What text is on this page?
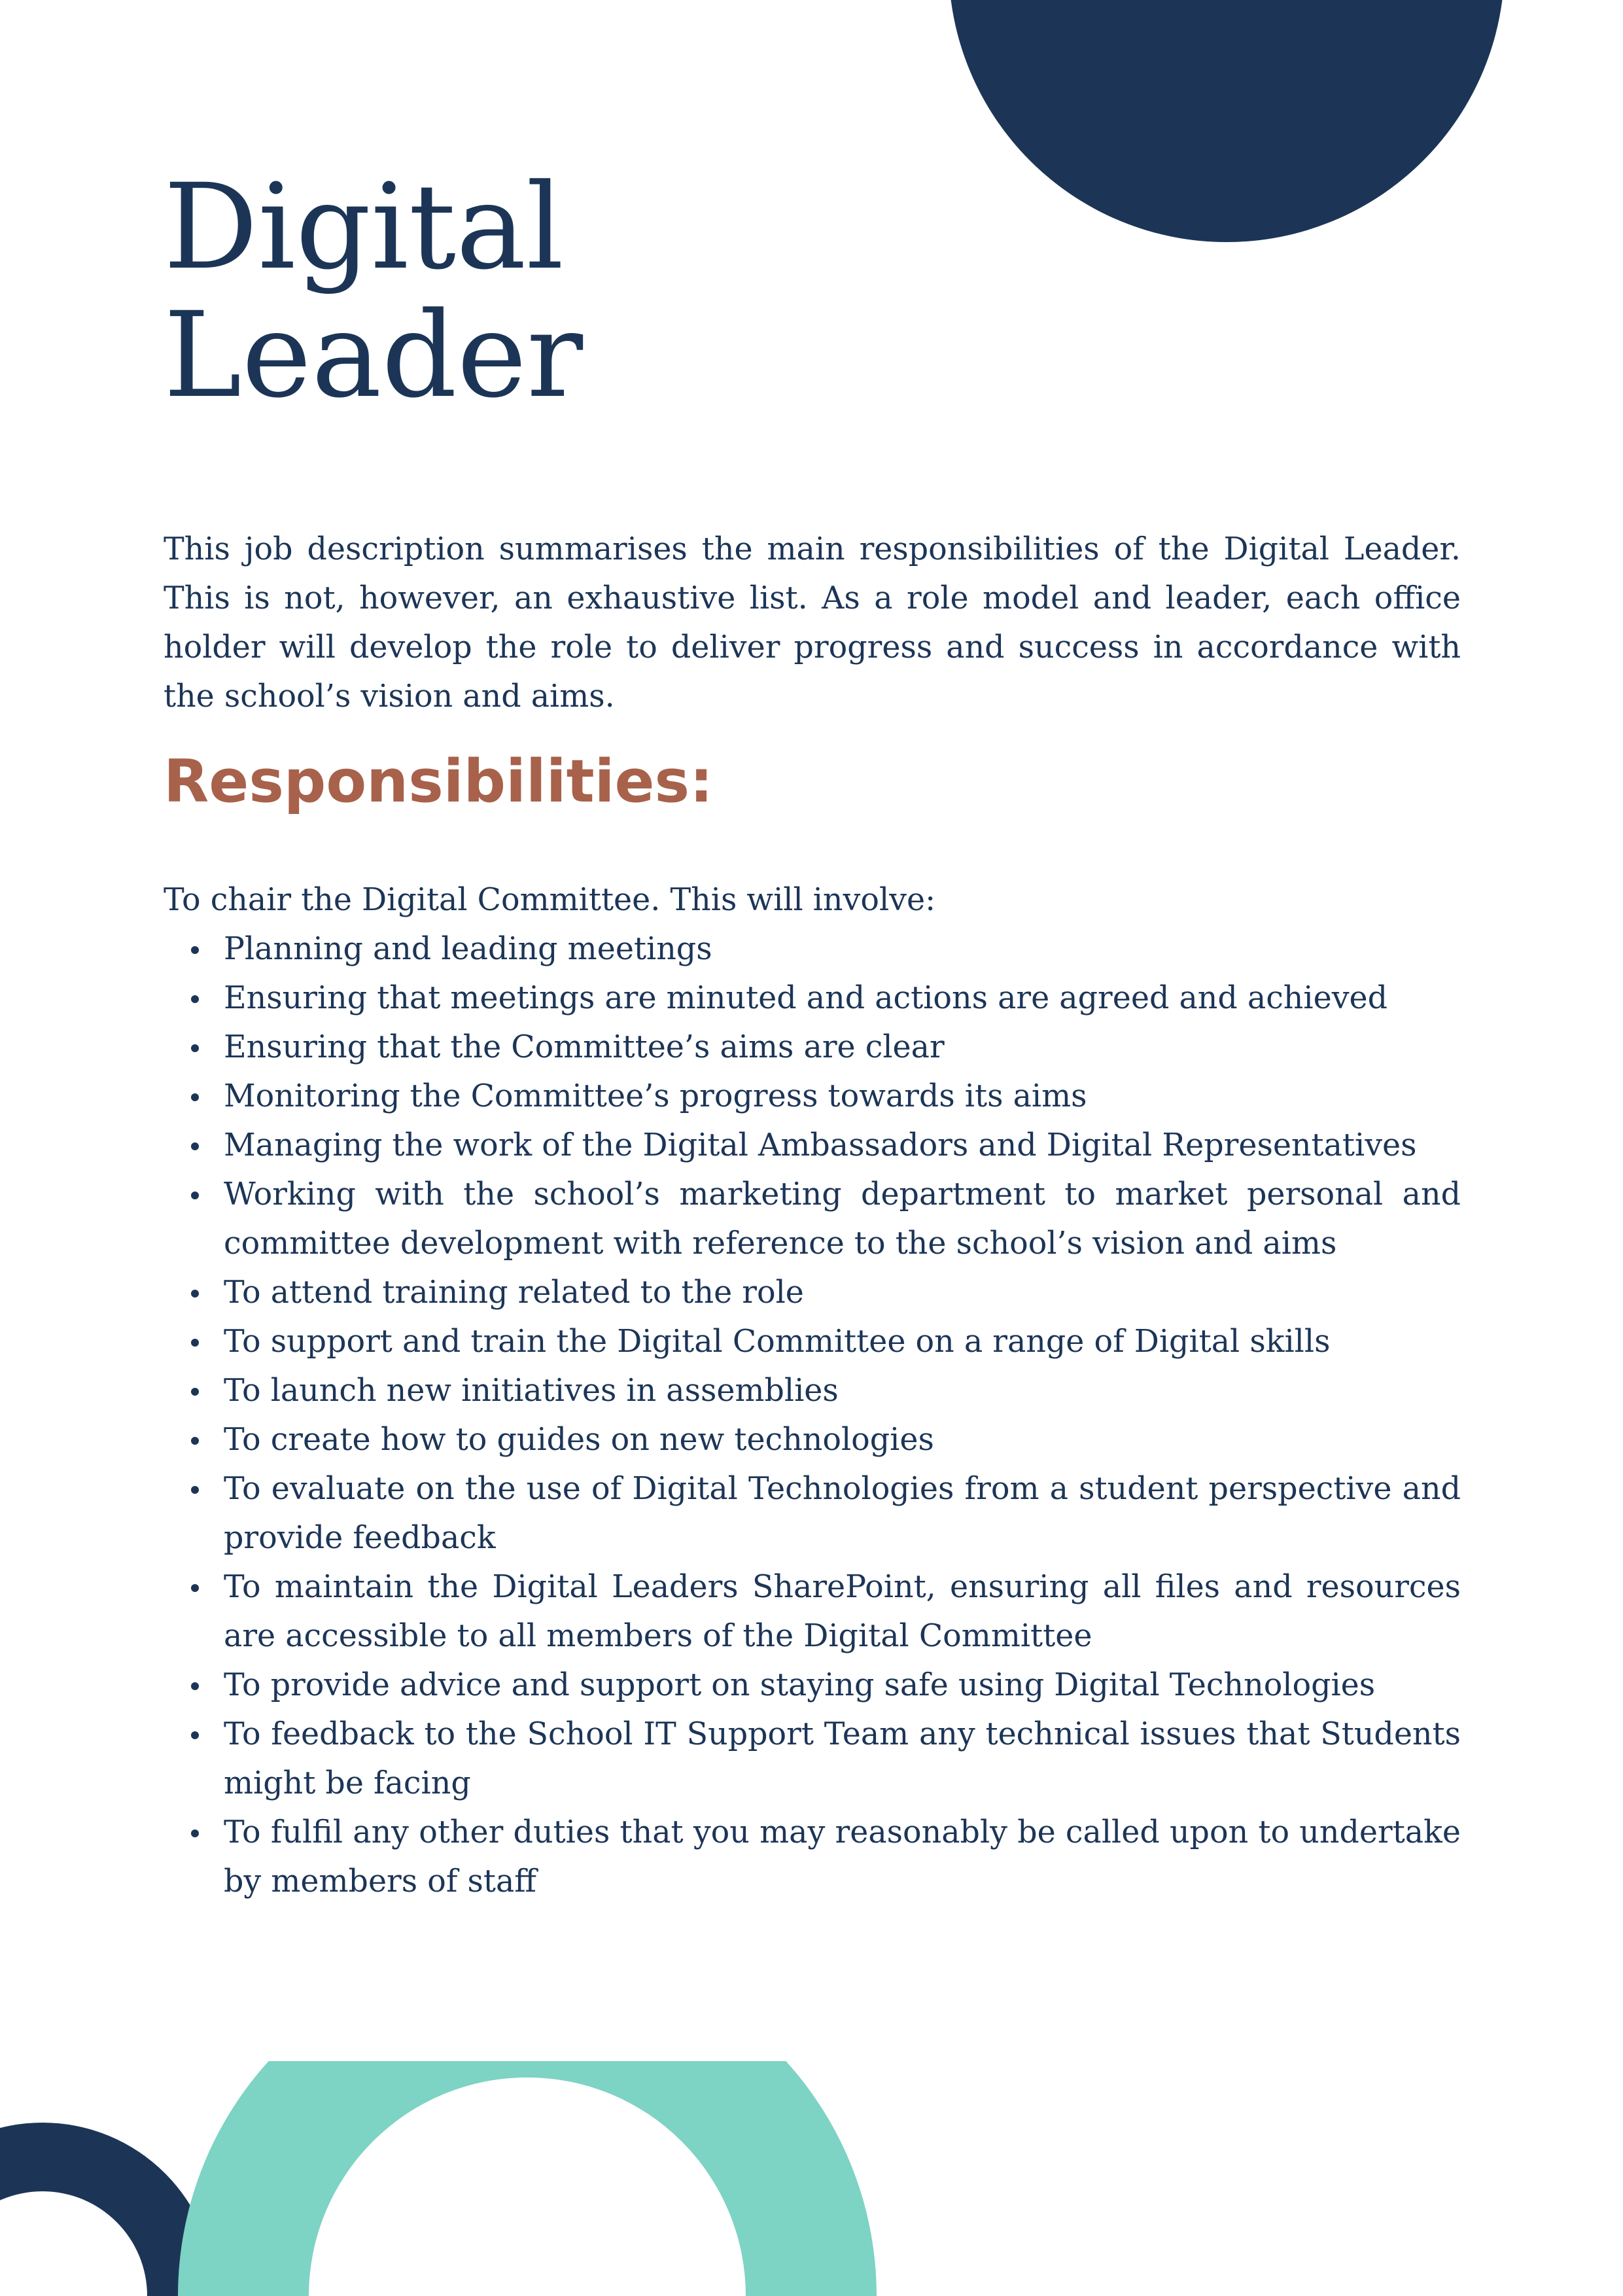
Digital
Leader

This job description summarises the main responsibilities of the Digital Leader. This is not, however, an exhaustive list. As a role model and leader, each office holder will develop the role to deliver progress and success in accordance with the school’s vision and aims.

Responsibilities:

To chair the Digital Committee. This will involve:

Planning and leading meetings
Ensuring that meetings are minuted and actions are agreed and achieved
Ensuring that the Committee’s aims are clear
Monitoring the Committee’s progress towards its aims
Managing the work of the Digital Ambassadors and Digital Representatives
Working with the school’s marketing department to market personal and committee development with reference to the school’s vision and aims
To attend training related to the role
To support and train the Digital Committee on a range of Digital skills
To launch new initiatives in assemblies
To create how to guides on new technologies
To evaluate on the use of Digital Technologies from a student perspective and provide feedback
To maintain the Digital Leaders SharePoint, ensuring all files and resources are accessible to all members of the Digital Committee
To provide advice and support on staying safe using Digital Technologies
To feedback to the School IT Support Team any technical issues that Students might be facing
To fulfil any other duties that you may reasonably be called upon to undertake by members of staff
